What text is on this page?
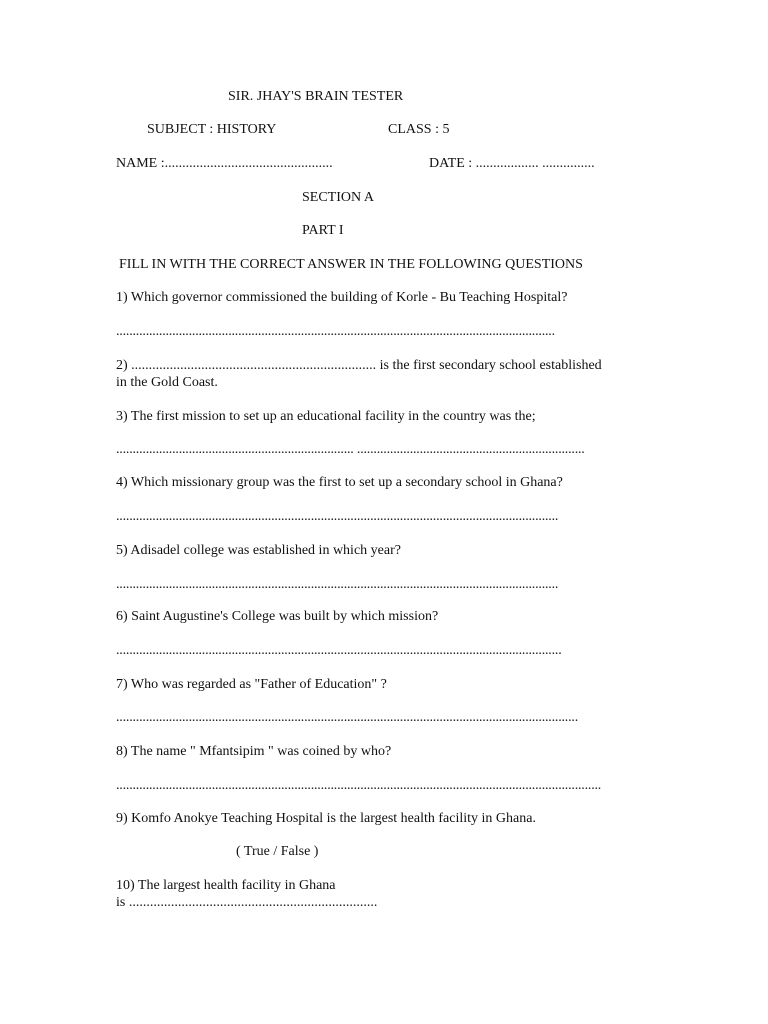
SIR. JHAY'S BRAIN TESTER
SUBJECT : HISTORY	CLASS : 5
NAME :................................................	DATE : .................. ...............
SECTION A
PART I
FILL IN WITH THE CORRECT ANSWER IN THE FOLLOWING QUESTIONS
1) Which governor commissioned the building of Korle - Bu Teaching Hospital?
.....................................................................................................................................
2) ...................................................................... is the first secondary school established
in the Gold Coast.
3) The first mission to set up an educational facility in the country was the;
........................................................................ .....................................................................
4) Which missionary group was the first to set up a secondary school in Ghana?
......................................................................................................................................
5) Adisadel college was established in which year?
......................................................................................................................................
6) Saint Augustine's College was built by which mission?
.......................................................................................................................................
7) Who was regarded as "Father of Education" ?
............................................................................................................................................
8) The name " Mfantsipim " was coined by who?
...................................................................................................................................................
9) Komfo Anokye Teaching Hospital is the largest health facility in Ghana.
( True / False )
10) The largest health facility in Ghana
is .......................................................................
